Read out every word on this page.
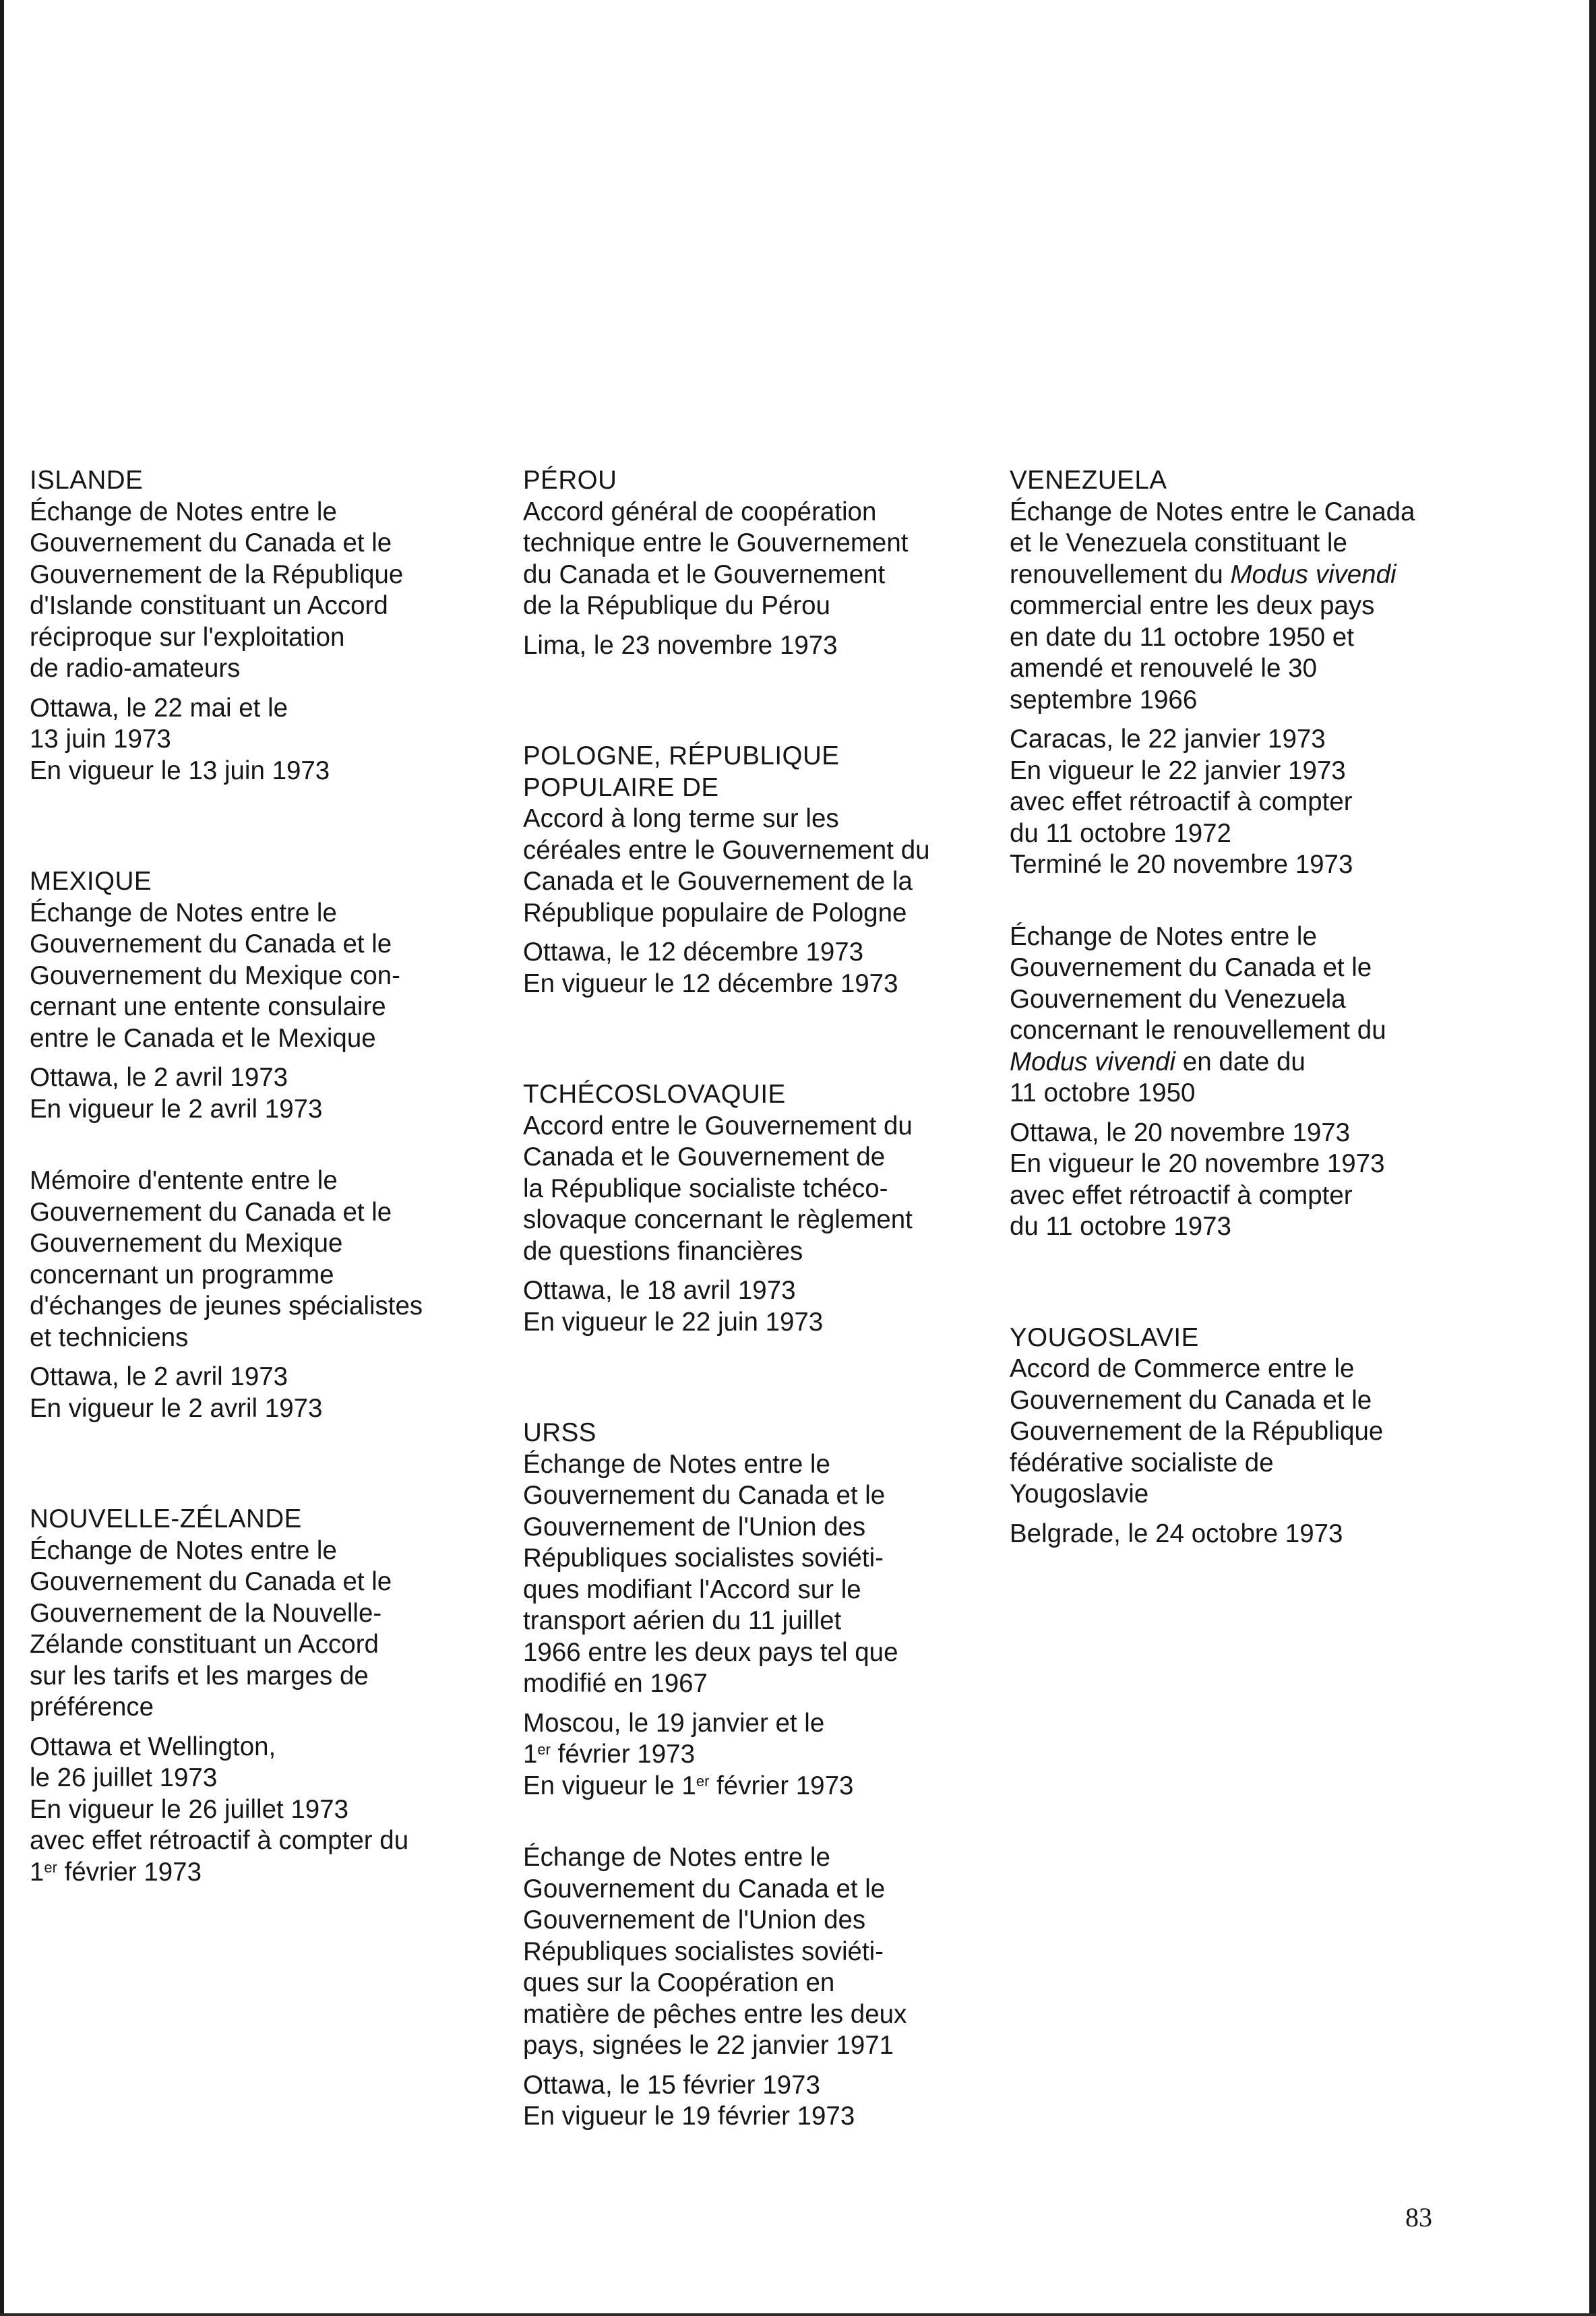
ISLANDE
Échange de Notes entre le
Gouvernement du Canada et le
Gouvernement de la République
d'Islande constituant un Accord
réciproque sur l'exploitation
de radio-amateurs
Ottawa, le 22 mai et le
13 juin 1973
En vigueur le 13 juin 1973
MEXIQUE
Échange de Notes entre le
Gouvernement du Canada et le
Gouvernement du Mexique con-
cernant une entente consulaire
entre le Canada et le Mexique
Ottawa, le 2 avril 1973
En vigueur le 2 avril 1973
Mémoire d'entente entre le
Gouvernement du Canada et le
Gouvernement du Mexique
concernant un programme
d'échanges de jeunes spécialistes
et techniciens
Ottawa, le 2 avril 1973
En vigueur le 2 avril 1973
NOUVELLE-ZÉLANDE
Échange de Notes entre le
Gouvernement du Canada et le
Gouvernement de la Nouvelle-
Zélande constituant un Accord
sur les tarifs et les marges de
préférence
Ottawa et Wellington,
le 26 juillet 1973
En vigueur le 26 juillet 1973
avec effet rétroactif à compter du
1er février 1973
PÉROU
Accord général de coopération
technique entre le Gouvernement
du Canada et le Gouvernement
de la République du Pérou
Lima, le 23 novembre 1973
POLOGNE, RÉPUBLIQUE
POPULAIRE DE
Accord à long terme sur les
céréales entre le Gouvernement du
Canada et le Gouvernement de la
République populaire de Pologne
Ottawa, le 12 décembre 1973
En vigueur le 12 décembre 1973
TCHÉCOSLOVAQUIE
Accord entre le Gouvernement du
Canada et le Gouvernement de
la République socialiste tchéco-
slovaque concernant le règlement
de questions financières
Ottawa, le 18 avril 1973
En vigueur le 22 juin 1973
URSS
Échange de Notes entre le
Gouvernement du Canada et le
Gouvernement de l'Union des
Républiques socialistes soviéti-
ques modifiant l'Accord sur le
transport aérien du 11 juillet
1966 entre les deux pays tel que
modifié en 1967
Moscou, le 19 janvier et le
1er février 1973
En vigueur le 1er février 1973
Échange de Notes entre le
Gouvernement du Canada et le
Gouvernement de l'Union des
Républiques socialistes soviéti-
ques sur la Coopération en
matière de pêches entre les deux
pays, signées le 22 janvier 1971
Ottawa, le 15 février 1973
En vigueur le 19 février 1973
VENEZUELA
Échange de Notes entre le Canada
et le Venezuela constituant le
renouvellement du Modus vivendi
commercial entre les deux pays
en date du 11 octobre 1950 et
amendé et renouvelé le 30
septembre 1966
Caracas, le 22 janvier 1973
En vigueur le 22 janvier 1973
avec effet rétroactif à compter
du 11 octobre 1972
Terminé le 20 novembre 1973
Échange de Notes entre le
Gouvernement du Canada et le
Gouvernement du Venezuela
concernant le renouvellement du
Modus vivendi en date du
11 octobre 1950
Ottawa, le 20 novembre 1973
En vigueur le 20 novembre 1973
avec effet rétroactif à compter
du 11 octobre 1973
YOUGOSLAVIE
Accord de Commerce entre le
Gouvernement du Canada et le
Gouvernement de la République
fédérative socialiste de
Yougoslavie
Belgrade, le 24 octobre 1973
83
